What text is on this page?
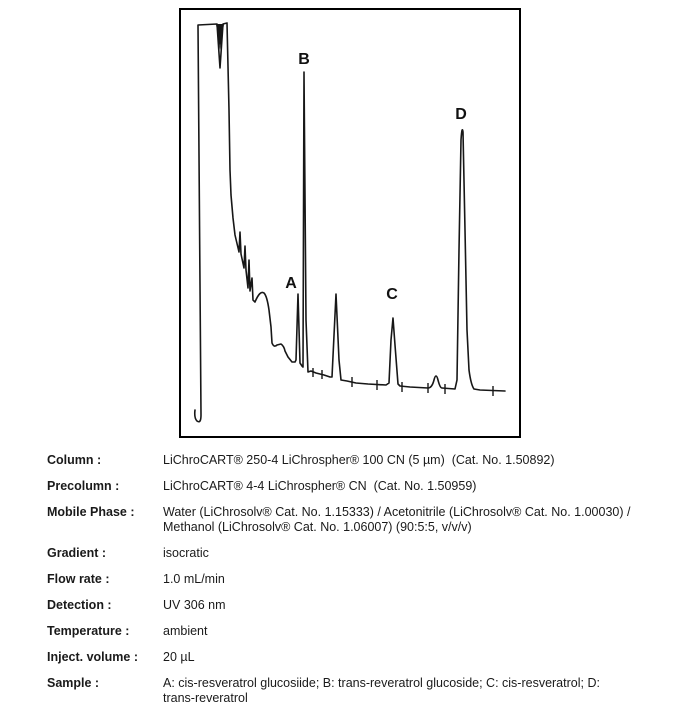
A
B
C
D
Column :	LiChroCART® 250-4 LiChrospher® 100 CN (5 µm)  (Cat. No. 1.50892)
Precolumn :	LiChroCART® 4-4 LiChrospher® CN  (Cat. No. 1.50959)
Mobile Phase :	Water (LiChrosolv® Cat. No. 1.15333) / Acetonitrile (LiChrosolv® Cat. No. 1.00030) /
Methanol (LiChrosolv® Cat. No. 1.06007) (90:5:5, v/v/v)
Gradient :	isocratic
Flow rate :	1.0 mL/min
Detection :	UV 306 nm
Temperature :	ambient
Inject. volume :	20 µL
Sample :	A: cis-resveratrol glucosiide; B: trans-reveratrol glucoside; C: cis-resveratrol; D:
trans-reveratrol
